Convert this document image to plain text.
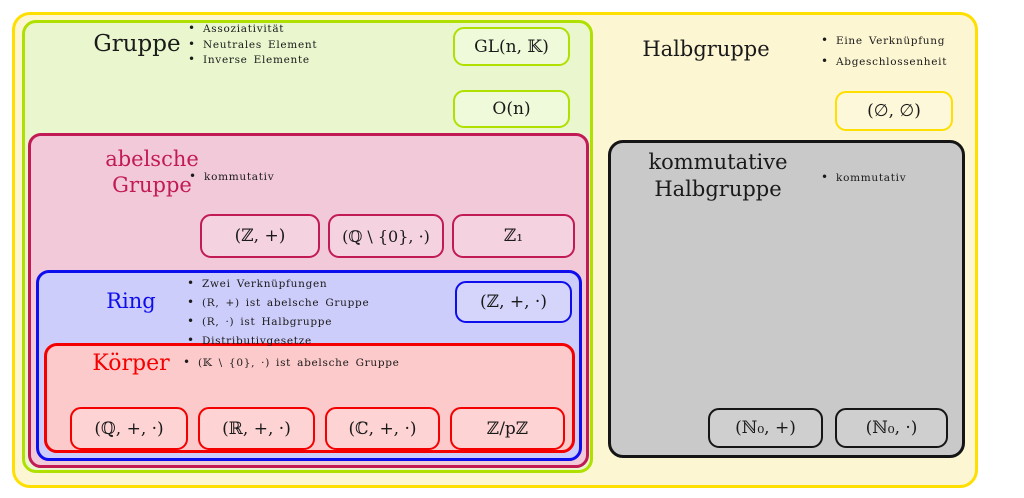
Gruppe	Halbgruppe
abelsche
Gruppe
Ring
Körper
kommutative
Halbgruppe
• Assoziativität
• Neutrales Element
• Inverse Elemente
• Eine Verknüpfung
• Abgeschlossenheit
• kommutativ
• Zwei Verknüpfungen
• (R, +) ist abelsche Gruppe
• (R, ·) ist Halbgruppe
• Distributivgesetze
• (𝕂 \ {0}, ·) ist abelsche Gruppe
• kommutativ
GL(n, 𝕂)
O(n)	(∅, ∅)
(ℤ, +)	(ℚ \ {0}, ·)	ℤ₁
(ℤ, +, ·)
(ℚ, +, ·)	(ℝ, +, ·)	(ℂ, +, ·)	ℤ/pℤ	(ℕ₀, +)	(ℕ₀, ·)
